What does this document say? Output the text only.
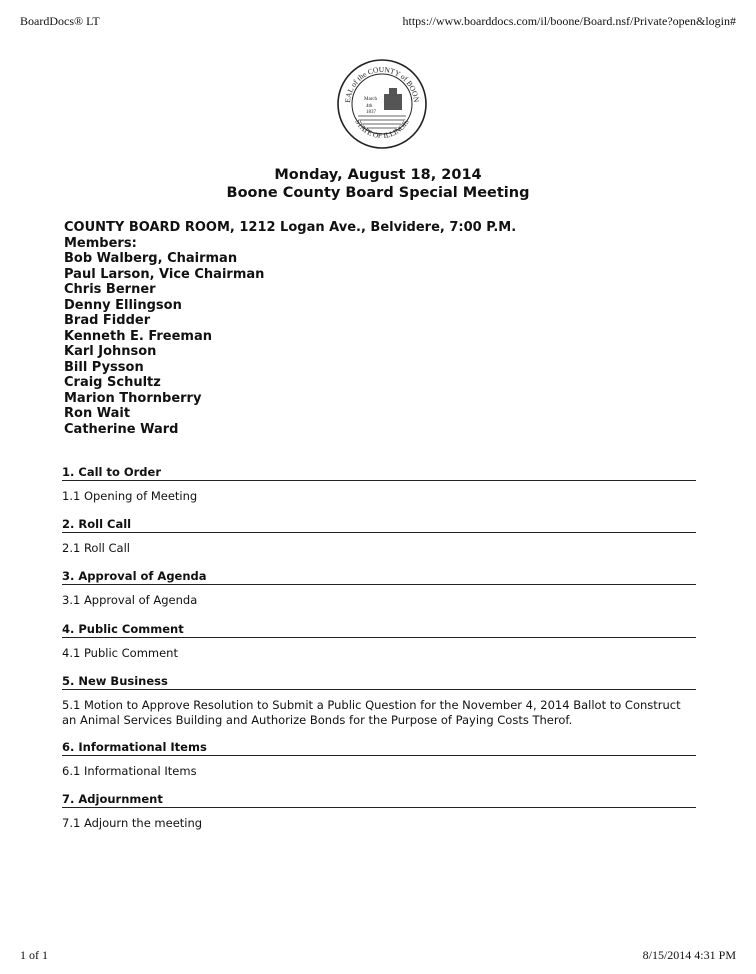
BoardDocs® LT	https://www.boarddocs.com/il/boone/Board.nsf/Private?open&login#
EAL of the COUNTY of BOON
STATE OF ILLINOIS
March
4th
1837
Monday, August 18, 2014
Boone County Board Special Meeting
COUNTY BOARD ROOM, 1212 Logan Ave., Belvidere, 7:00 P.M.
Members:
Bob Walberg, Chairman
Paul Larson, Vice Chairman
Chris Berner
Denny Ellingson
Brad Fidder
Kenneth E. Freeman
Karl Johnson
Bill Pysson
Craig Schultz
Marion Thornberry
Ron Wait
Catherine Ward
1. Call to Order
1.1 Opening of Meeting
2. Roll Call
2.1 Roll Call
3. Approval of Agenda
3.1 Approval of Agenda
4. Public Comment
4.1 Public Comment
5. New Business
5.1 Motion to Approve Resolution to Submit a Public Question for the November 4, 2014 Ballot to Construct an Animal Services Building and Authorize Bonds for the Purpose of Paying Costs Therof.
6. Informational Items
6.1 Informational Items
7. Adjournment
7.1 Adjourn the meeting
1 of 1	8/15/2014 4:31 PM
